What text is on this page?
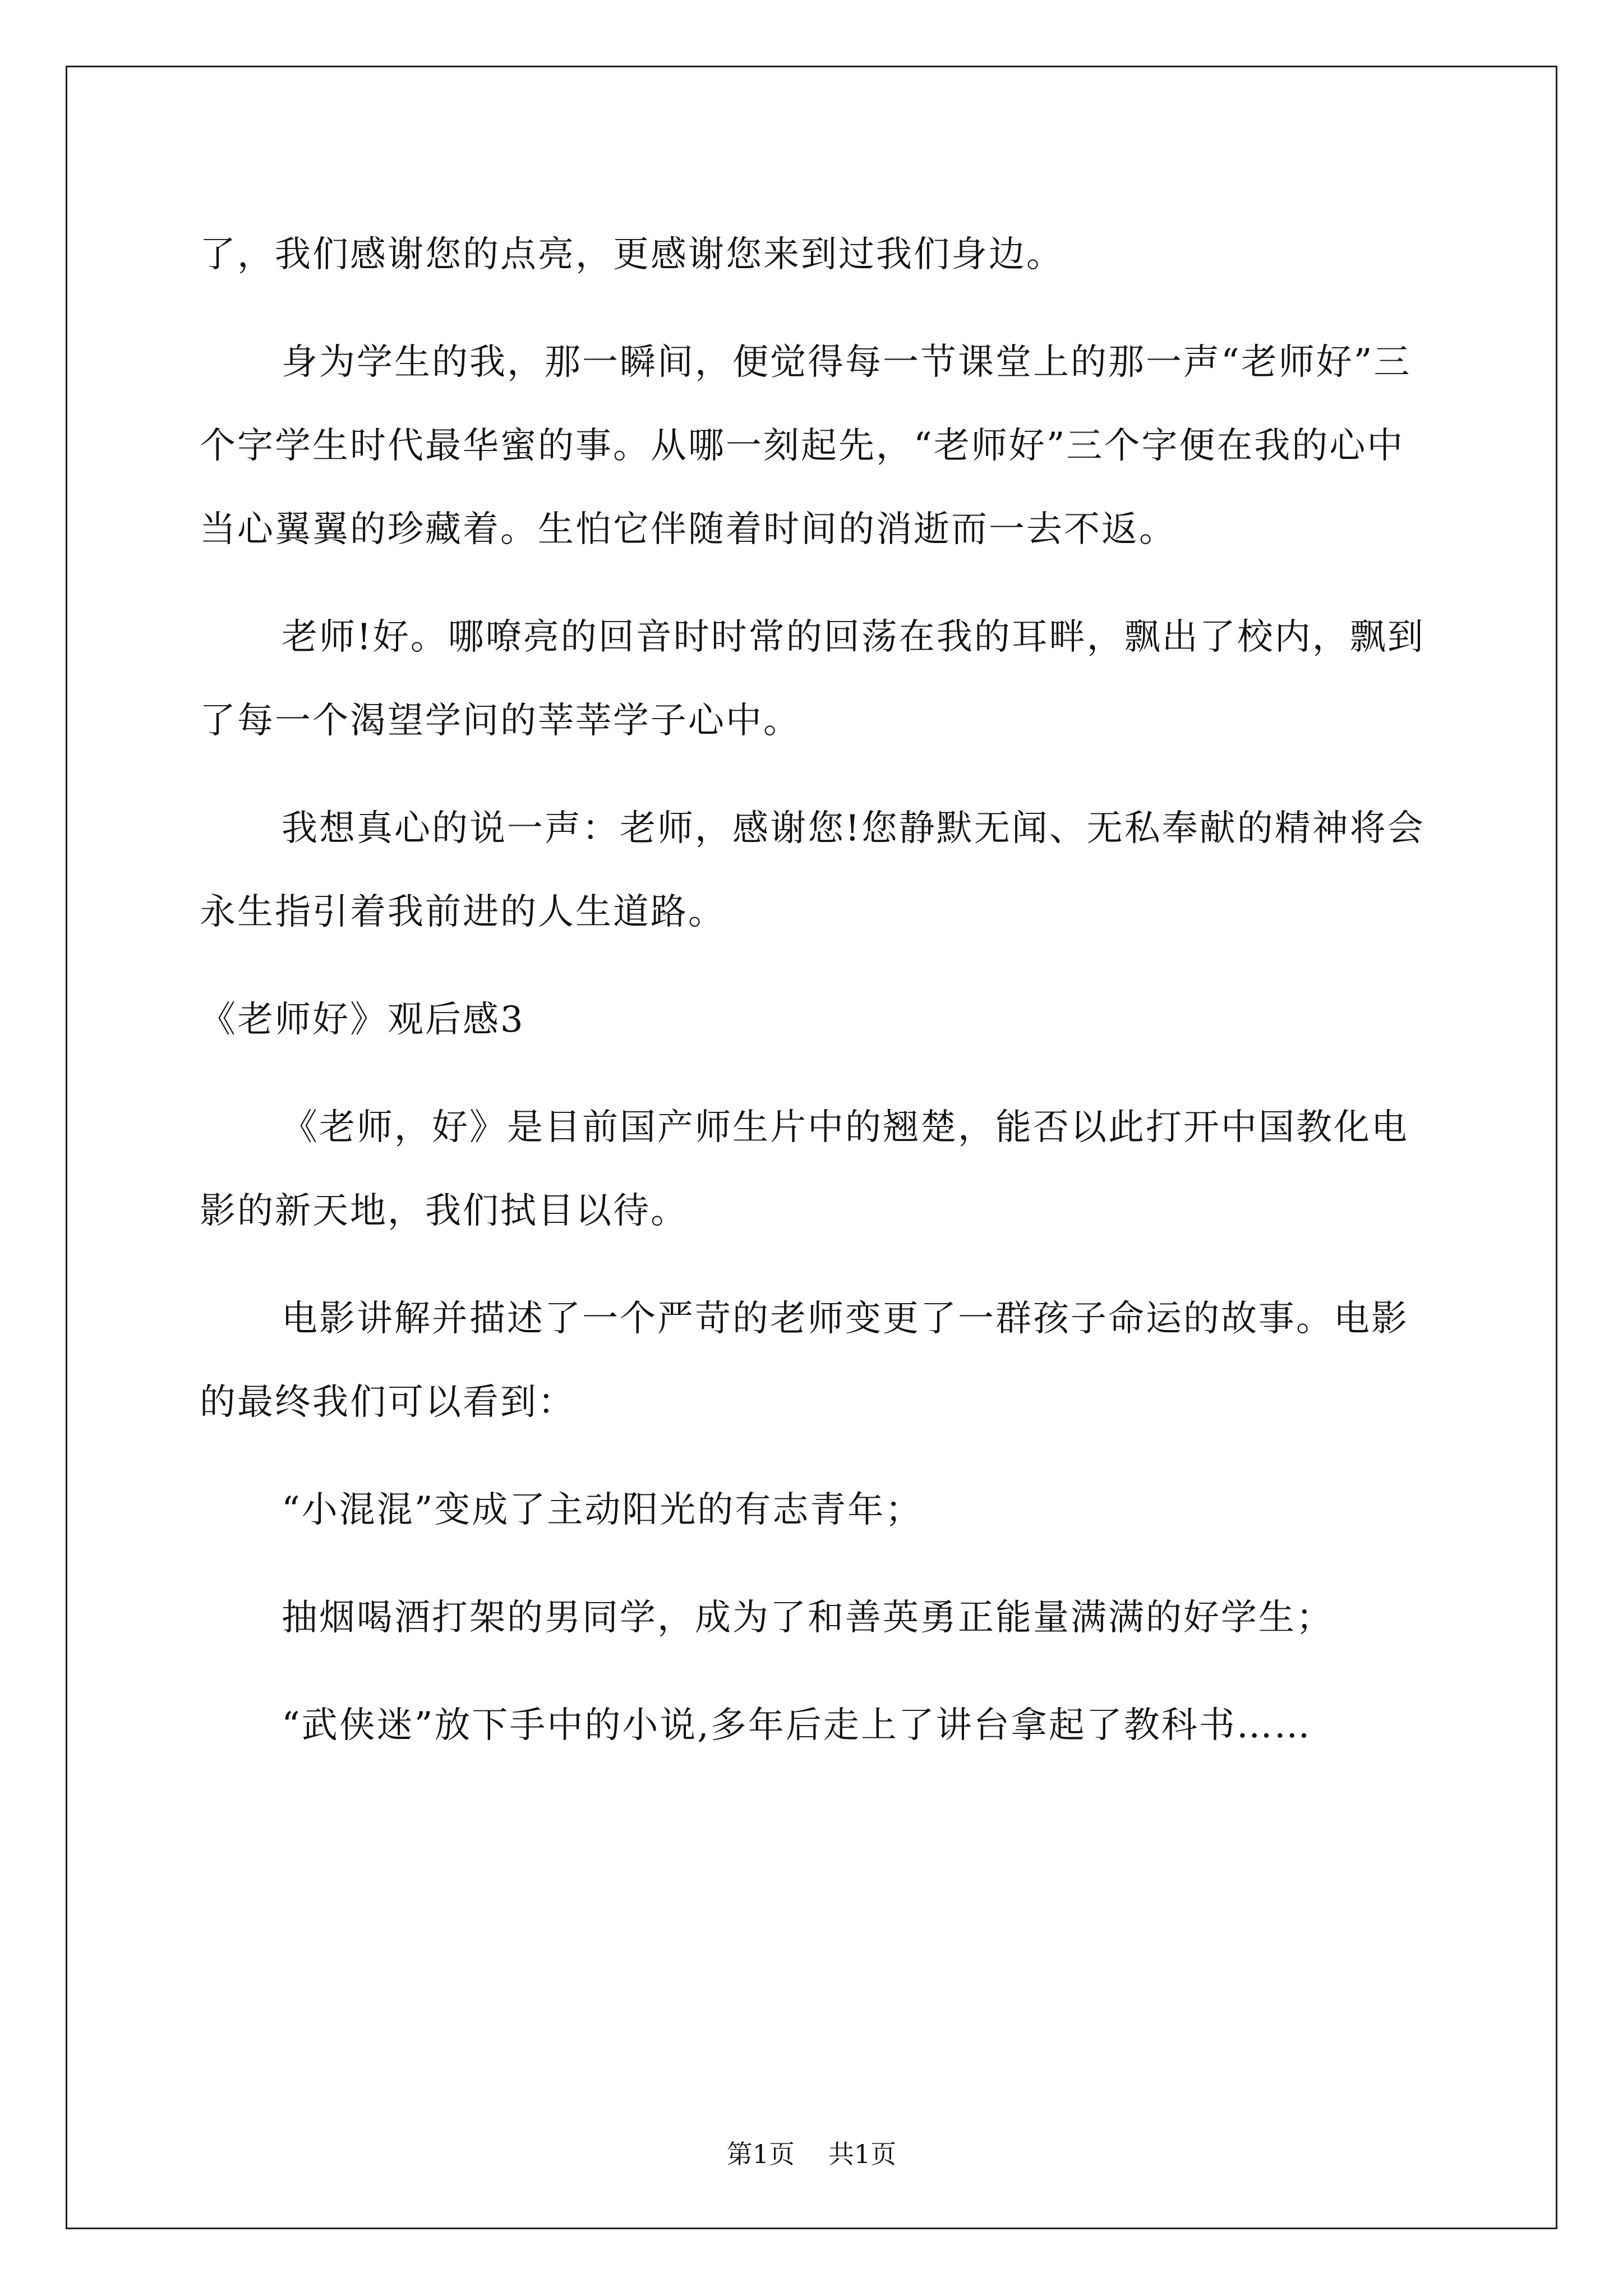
了，我们感谢您的点亮，更感谢您来到过我们身边。

身为学生的我，那一瞬间，便觉得每一节课堂上的那一声“老师好”三个字学生时代最华蜜的事。从哪一刻起先，“老师好”三个字便在我的心中当心翼翼的珍藏着。生怕它伴随着时间的消逝而一去不返。

老师!好。哪嘹亮的回音时时常的回荡在我的耳畔，飘出了校内，飘到了每一个渴望学问的莘莘学子心中。

我想真心的说一声：老师，感谢您!您静默无闻、无私奉献的精神将会永生指引着我前进的人生道路。

《老师好》观后感3

《老师，好》是目前国产师生片中的翘楚，能否以此打开中国教化电影的新天地，我们拭目以待。

电影讲解并描述了一个严苛的老师变更了一群孩子命运的故事。电影的最终我们可以看到：

“小混混”变成了主动阳光的有志青年；

抽烟喝酒打架的男同学，成为了和善英勇正能量满满的好学生；

“武侠迷”放下手中的小说,多年后走上了讲台拿起了教科书……

第1页 共1页
